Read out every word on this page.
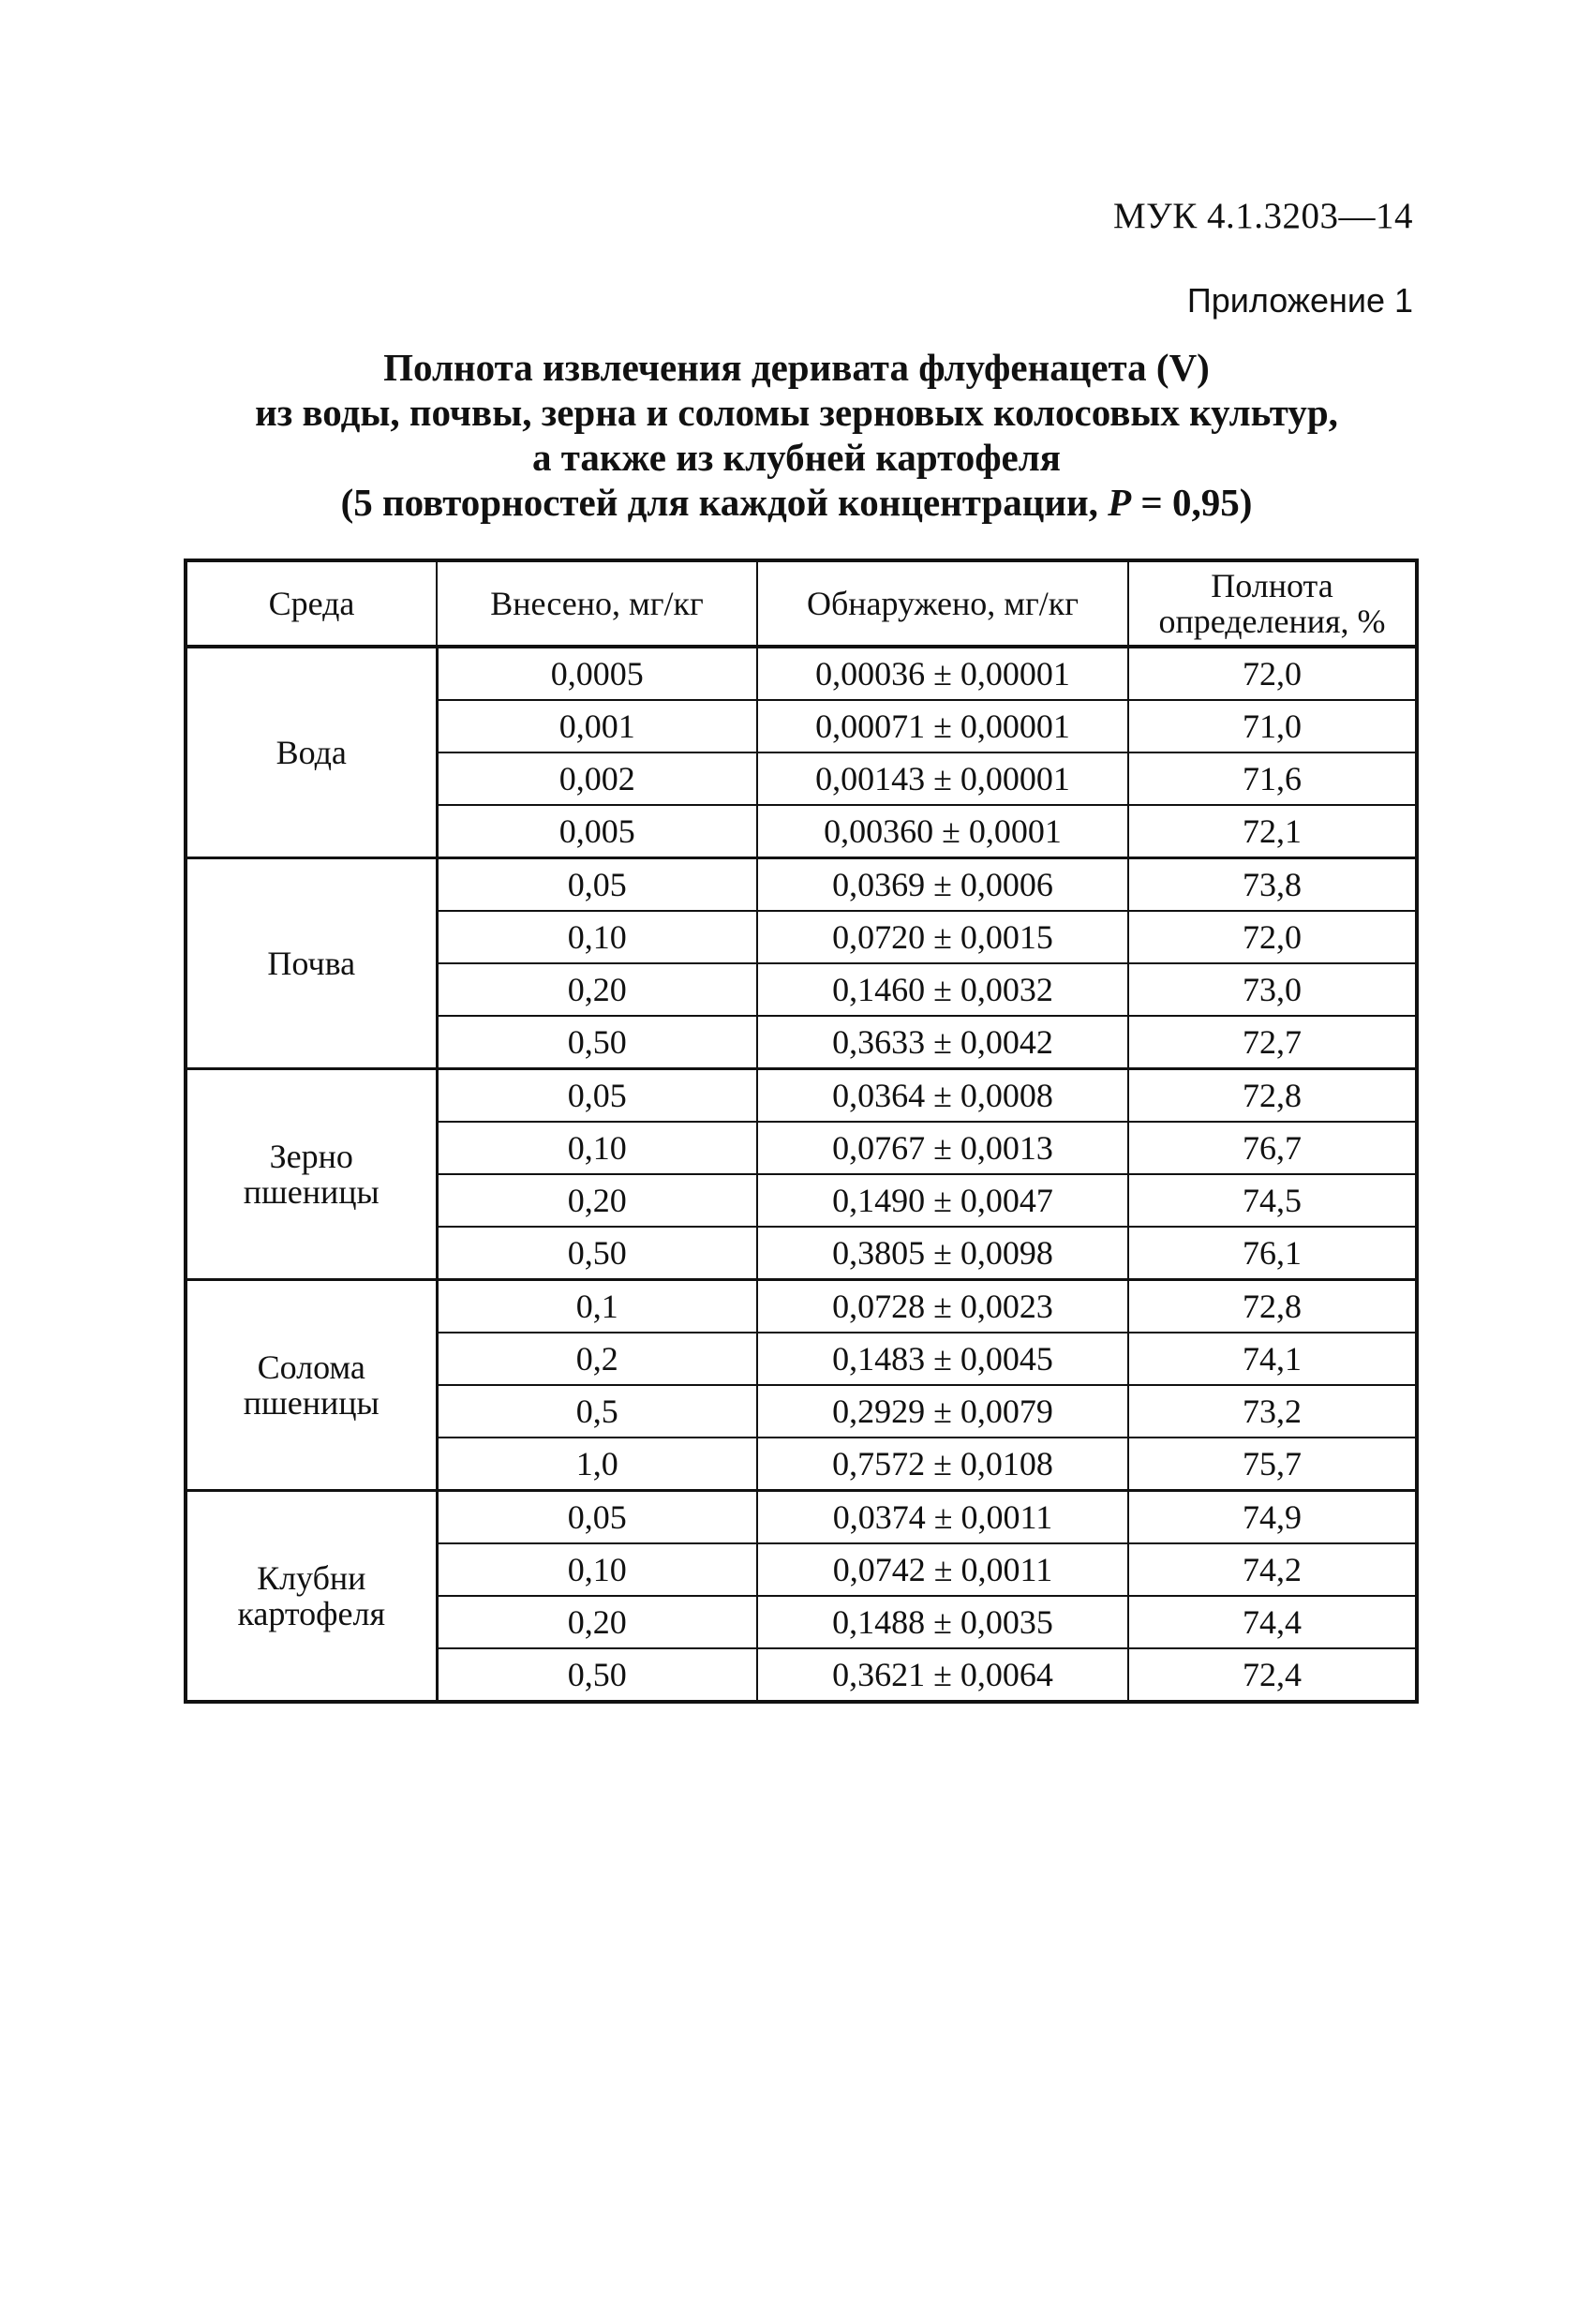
МУК 4.1.3203—14
Приложение 1
Полнота извлечения деривата флуфенацета (V)
из воды, почвы, зерна и соломы зерновых колосовых культур,
а также из клубней картофеля
(5 повторностей для каждой концентрации, P = 0,95)
Среда	Внесено, мг/кг	Обнаружено, мг/кг	Полнота
определения, %

Вода	0,0005	0,00036 ± 0,00001	72,0
	0,001	0,00071 ± 0,00001	71,0
	0,002	0,00143 ± 0,00001	71,6
	0,005	0,00360 ± 0,0001	72,1

Почва	0,05	0,0369 ± 0,0006	73,8
	0,10	0,0720 ± 0,0015	72,0
	0,20	0,1460 ± 0,0032	73,0
	0,50	0,3633 ± 0,0042	72,7

Зерно
пшеницы	0,05	0,0364 ± 0,0008	72,8
	0,10	0,0767 ± 0,0013	76,7
	0,20	0,1490 ± 0,0047	74,5
	0,50	0,3805 ± 0,0098	76,1

Солома
пшеницы	0,1	0,0728 ± 0,0023	72,8
	0,2	0,1483 ± 0,0045	74,1
	0,5	0,2929 ± 0,0079	73,2
	1,0	0,7572 ± 0,0108	75,7

Клубни
картофеля	0,05	0,0374 ± 0,0011	74,9
	0,10	0,0742 ± 0,0011	74,2
	0,20	0,1488 ± 0,0035	74,4
	0,50	0,3621 ± 0,0064	72,4
